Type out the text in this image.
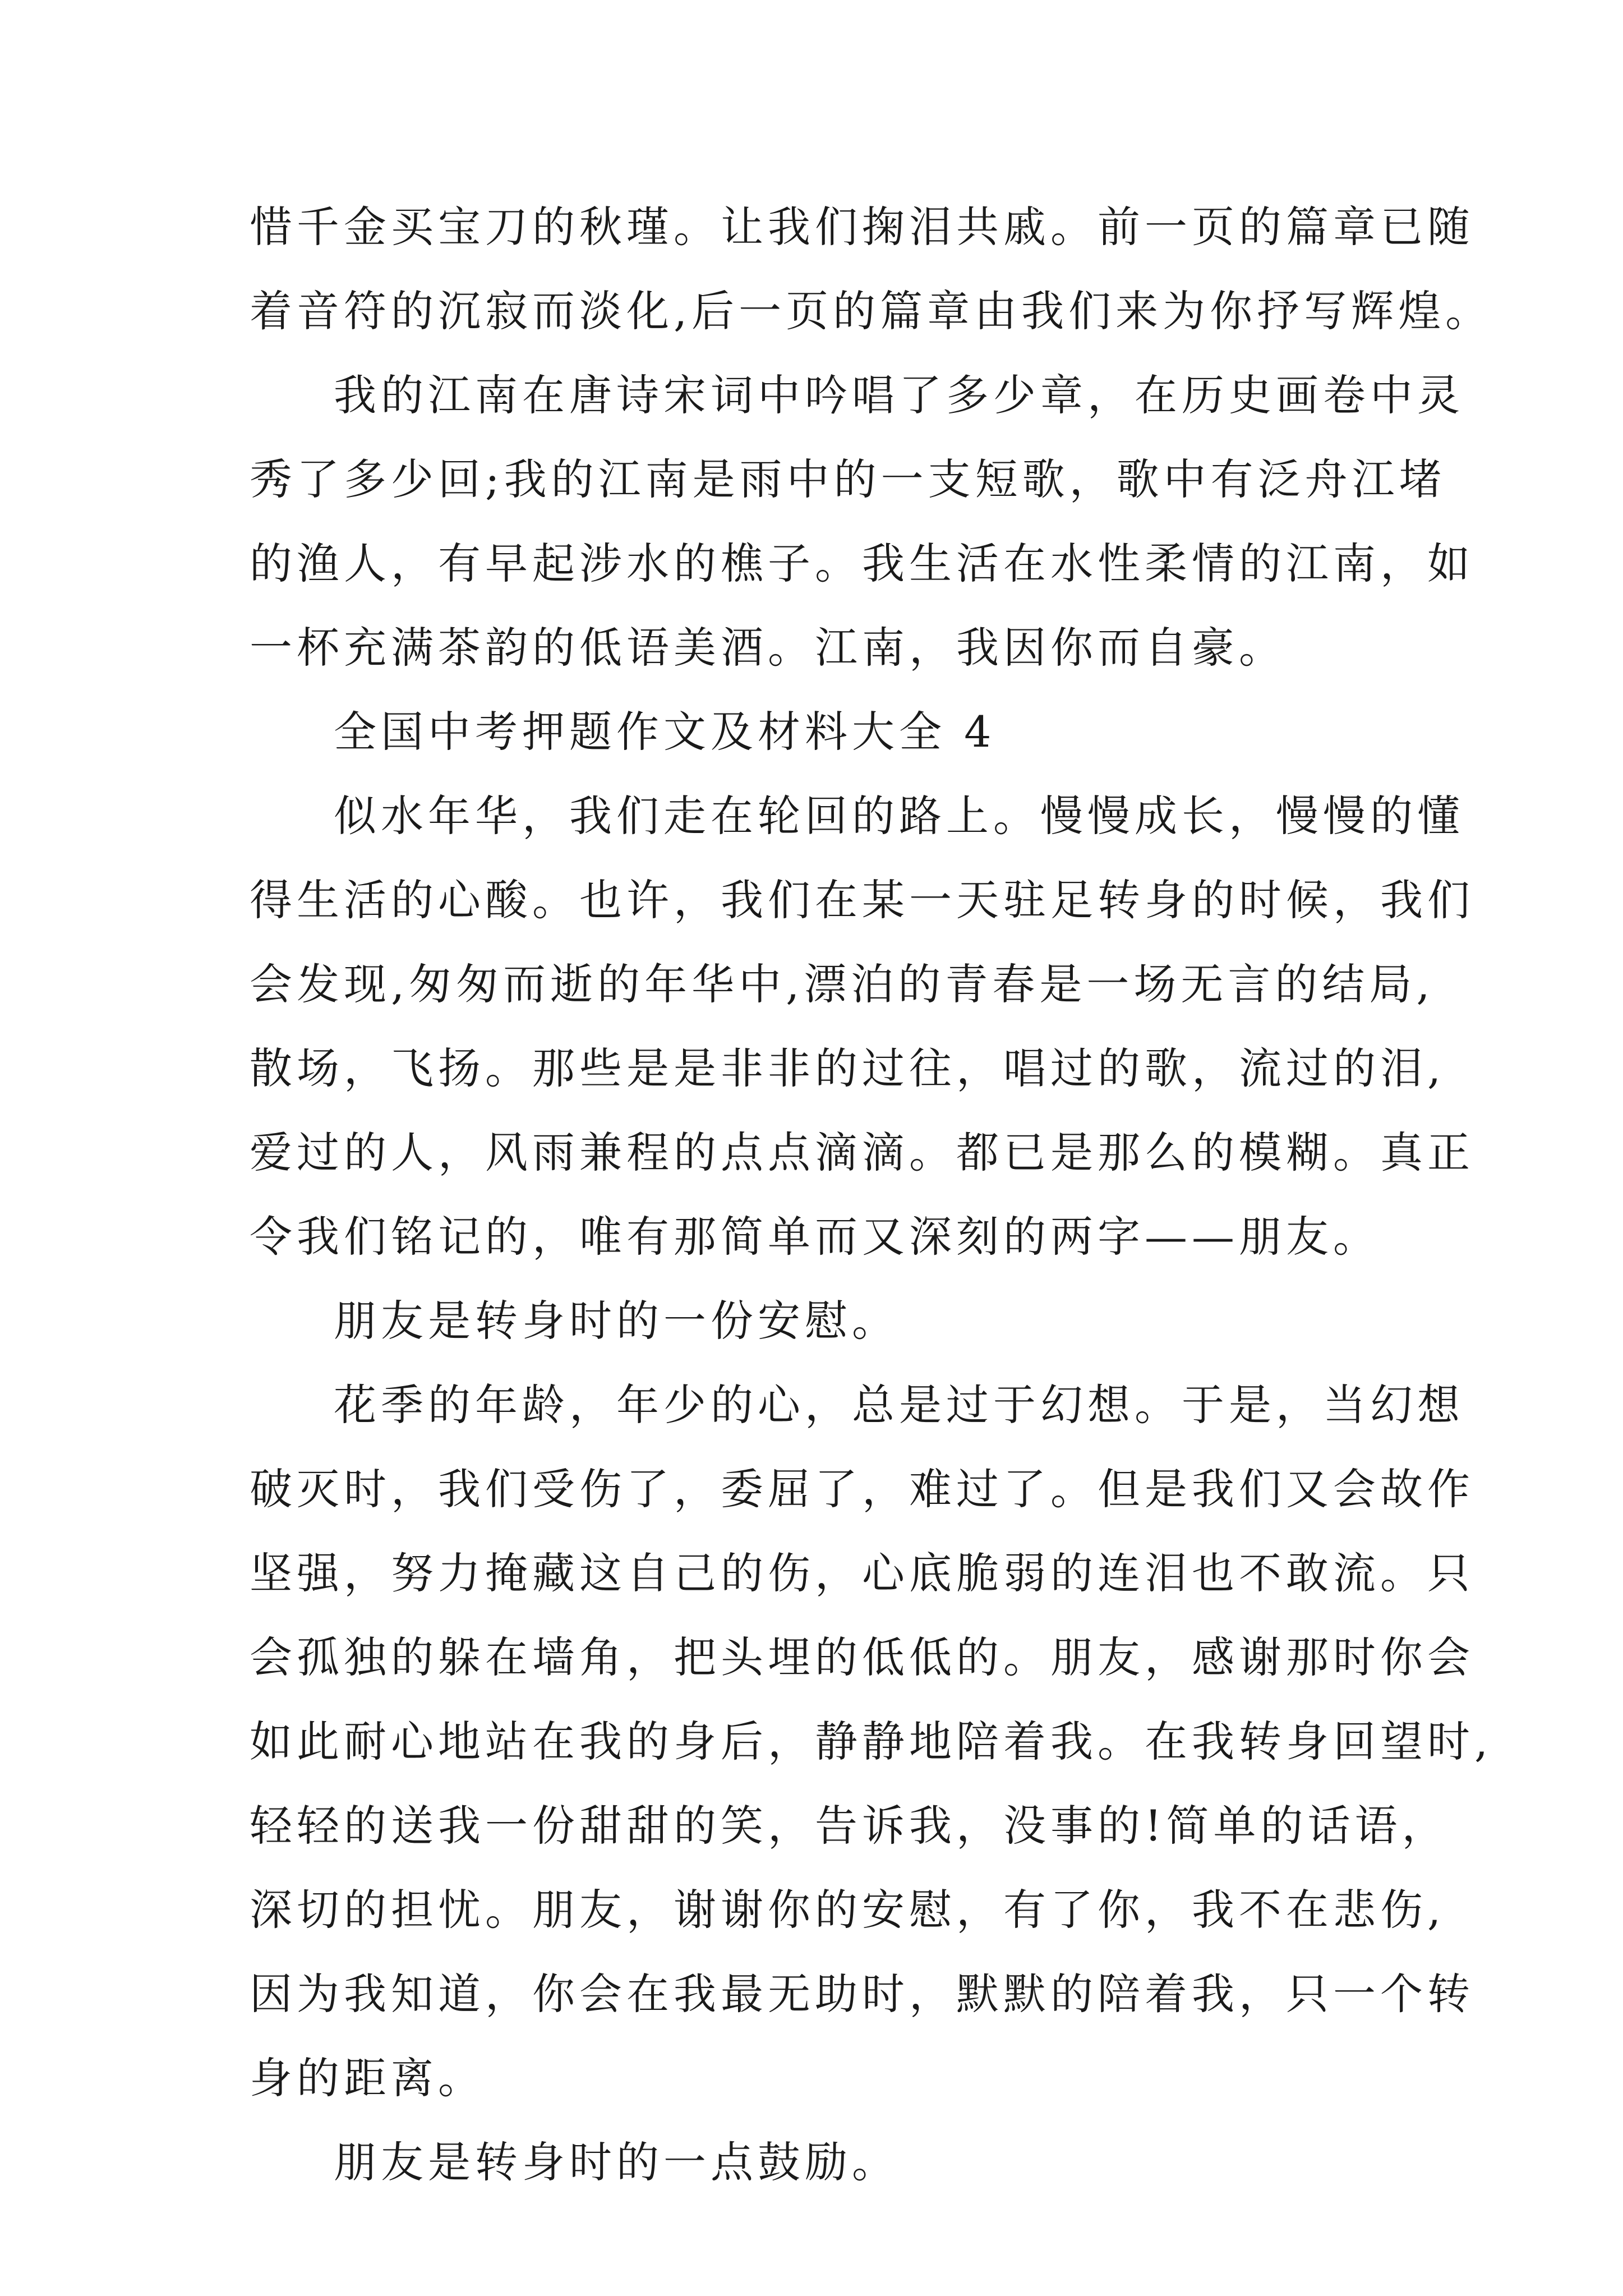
惜千金买宝刀的秋瑾。让我们掬泪共戚。前一页的篇章已随

着音符的沉寂而淡化,后一页的篇章由我们来为你抒写辉煌。

我的江南在唐诗宋词中吟唱了多少章，在历史画卷中灵

秀了多少回;我的江南是雨中的一支短歌，歌中有泛舟江堵

的渔人，有早起涉水的樵子。我生活在水性柔情的江南，如

一杯充满茶韵的低语美酒。江南，我因你而自豪。

全国中考押题作文及材料大全 4

似水年华，我们走在轮回的路上。慢慢成长，慢慢的懂

得生活的心酸。也许，我们在某一天驻足转身的时候，我们

会发现,匆匆而逝的年华中,漂泊的青春是一场无言的结局,

散场，飞扬。那些是是非非的过往，唱过的歌，流过的泪,

爱过的人，风雨兼程的点点滴滴。都已是那么的模糊。真正

令我们铭记的，唯有那简单而又深刻的两字——朋友。

朋友是转身时的一份安慰。

花季的年龄，年少的心，总是过于幻想。于是，当幻想

破灭时，我们受伤了，委屈了，难过了。但是我们又会故作

坚强，努力掩藏这自己的伤，心底脆弱的连泪也不敢流。只

会孤独的躲在墙角，把头埋的低低的。朋友，感谢那时你会

如此耐心地站在我的身后，静静地陪着我。在我转身回望时,

轻轻的送我一份甜甜的笑，告诉我，没事的!简单的话语，

深切的担忧。朋友，谢谢你的安慰，有了你，我不在悲伤,

因为我知道，你会在我最无助时，默默的陪着我，只一个转

身的距离。

朋友是转身时的一点鼓励。
